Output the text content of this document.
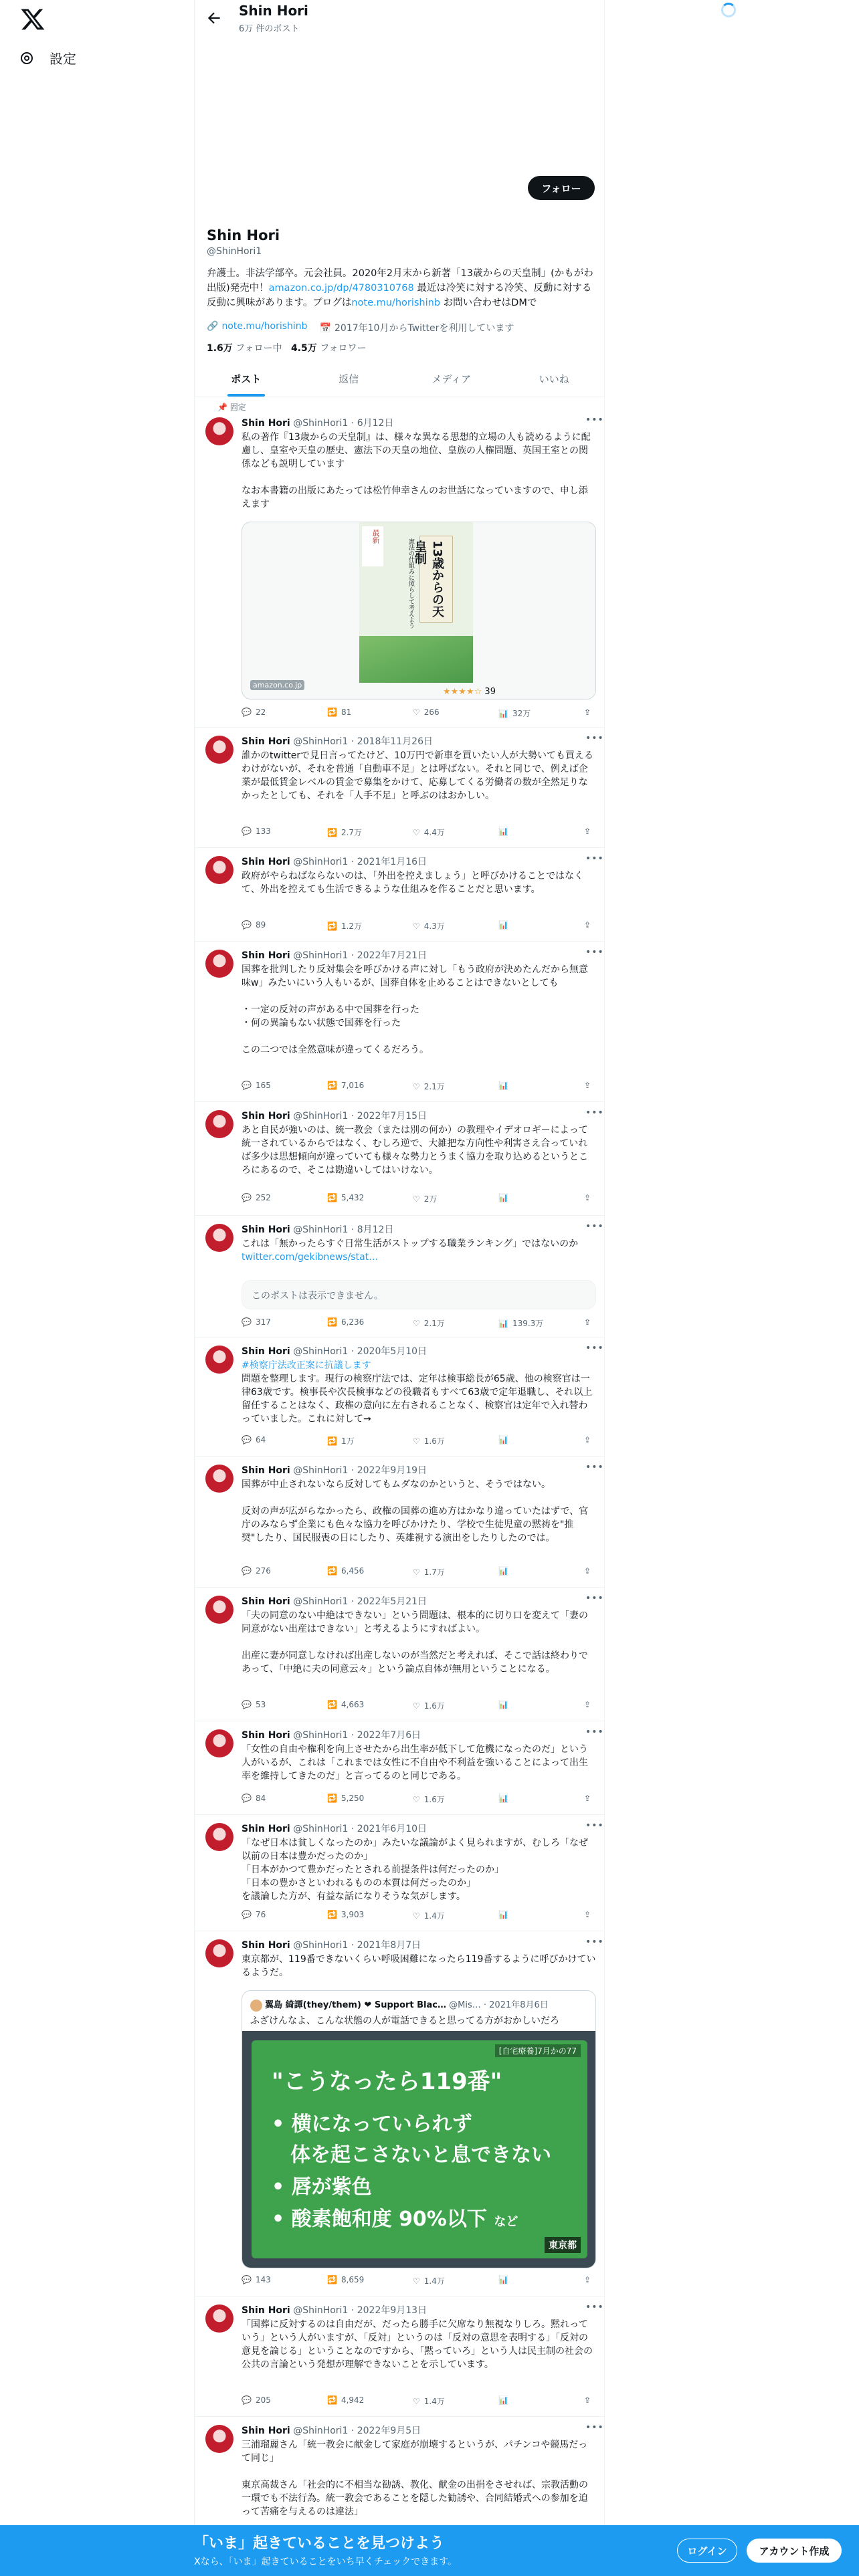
設定
Shin Hori
6万 件のポスト
フォロー
Shin Hori
@ShinHori1
弁護士。非法学部卒。元会社員。2020年2月末から新著「13歳からの天皇制」(かもがわ出版)発売中！amazon.co.jp/dp/4780310768 最近は冷笑に対する冷笑、反動に対する反動に興味があります。ブログはnote.mu/horishinb お問い合わせはDMで
🔗 note.mu/horishinb 📅 2017年10月からTwitterを利用しています
1.6万 フォロー中 4.5万 フォロワー
ポスト	返信	メディア	いいね
📌 固定
Shin Hori @ShinHori1 · 6月12日	•••
私の著作『13歳からの天皇制』は、様々な異なる思想的立場の人も読めるように配慮し、皇室や天皇の歴史、憲法下の天皇の地位、皇族の人権問題、英国王室との関係なども説明しています

なお本書籍の出版にあたっては松竹伸幸さんのお世話になっていますので、申し添えます
最新
13歳からの天皇制
憲法の仕組みに照らして考えよう
amazon.co.jp
★★★★☆ 39
💬 22	🔁 81	♡ 266	📊 32万	⇪
Shin Hori @ShinHori1 · 2018年11月26日	•••
誰かのtwitterで見日言ってたけど、10万円で新車を買いたい人が大勢いても買えるわけがないが、それを普通「自動車不足」とは呼ばない。それと同じで、例えば企業が最低賃金レベルの賃金で募集をかけて、応募してくる労働者の数が全然足りなかったとしても、それを「人手不足」と呼ぶのはおかしい。
💬 133	🔁 2.7万	♡ 4.4万	📊	⇪
Shin Hori @ShinHori1 · 2021年1月16日	•••
政府がやらねばならないのは、「外出を控えましょう」と呼びかけることではなくて、外出を控えても生活できるような仕組みを作ることだと思います。
💬 89	🔁 1.2万	♡ 4.3万	📊	⇪
Shin Hori @ShinHori1 · 2022年7月21日	•••
国葬を批判したり反対集会を呼びかける声に対し「もう政府が決めたんだから無意味w」みたいにいう人もいるが、国葬自体を止めることはできないとしても

・一定の反対の声がある中で国葬を行った
・何の異論もない状態で国葬を行った

この二つでは全然意味が違ってくるだろう。
💬 165	🔁 7,016	♡ 2.1万	📊	⇪
Shin Hori @ShinHori1 · 2022年7月15日	•••
あと自民が強いのは、統一教会（または別の何か）の教理やイデオロギーによって統一されているからではなく、むしろ逆で、大雑把な方向性や利害さえ合っていれば多少は思想傾向が違っていても様々な勢力とうまく協力を取り込めるというところにあるので、そこは勘違いしてはいけない。
💬 252	🔁 5,432	♡ 2万	📊	⇪
Shin Hori @ShinHori1 · 8月12日	•••
これは「無かったらすぐ日常生活がストップする職業ランキング」ではないのか
twitter.com/gekibnews/stat…
このポストは表示できません。
💬 317	🔁 6,236	♡ 2.1万	📊 139.3万	⇪
Shin Hori @ShinHori1 · 2020年5月10日	•••
#検察庁法改正案に抗議します
問題を整理します。現行の検察庁法では、定年は検事総長が65歳、他の検察官は一律63歳です。検事長や次長検事などの役職者もすべて63歳で定年退職し、それ以上留任することはなく、政権の意向に左右されることなく、検察官は定年で入れ替わっていました。これに対して→
💬 64	🔁 1万	♡ 1.6万	📊	⇪
Shin Hori @ShinHori1 · 2022年9月19日	•••
国葬が中止されないなら反対してもムダなのかというと、そうではない。

反対の声が広がらなかったら、政権の国葬の進め方はかなり違っていたはずで、官庁のみならず企業にも色々な協力を呼びかけたり、学校で生徒児童の黙祷を"推奨"したり、国民服喪の日にしたり、英雄視する演出をしたりしたのでは。
💬 276	🔁 6,456	♡ 1.7万	📊	⇪
Shin Hori @ShinHori1 · 2022年5月21日	•••
「夫の同意のない中絶はできない」という問題は、根本的に切り口を変えて「妻の同意がない出産はできない」と考えるようにすればよい。

出産に妻が同意しなければ出産しないのが当然だと考えれば、そこで話は終わりであって、「中絶に夫の同意云々」という論点自体が無用ということになる。
💬 53	🔁 4,663	♡ 1.6万	📊	⇪
Shin Hori @ShinHori1 · 2022年7月6日	•••
「女性の自由や権利を向上させたから出生率が低下して危機になったのだ」という人がいるが、これは「これまでは女性に不自由や不利益を強いることによって出生率を維持してきたのだ」と言ってるのと同じである。
💬 84	🔁 5,250	♡ 1.6万	📊	⇪
Shin Hori @ShinHori1 · 2021年6月10日	•••
「なぜ日本は貧しくなったのか」みたいな議論がよく見られますが、むしろ「なぜ以前の日本は豊かだったのか」
「日本がかつて豊かだったとされる前提条件は何だったのか」
「日本の豊かさといわれるものの本質は何だったのか」
を議論した方が、有益な話になりそうな気がします。
💬 76	🔁 3,903	♡ 1.4万	📊	⇪
Shin Hori @ShinHori1 · 2021年8月7日	•••
東京都が、119番できないくらい呼吸困難になったら119番するように呼びかけているようだ。
翼島 綺譚(they/them) ❤ Support Blac… @Mis… · 2021年8月6日
ふざけんなよ、こんな状態の人が電話できると思ってる方がおかしいだろ
[自宅療養]7月かの77
"こうなったら119番"
• 横になっていられず
体を起こさないと息できない
• 唇が紫色
• 酸素飽和度 90%以下 など
東京都
💬 143	🔁 8,659	♡ 1.4万	📊	⇪
Shin Hori @ShinHori1 · 2022年9月13日	•••
「国葬に反対するのは自由だが、だったら勝手に欠席なり無視なりしろ。黙れっていう」という人がいますが、「反対」というのは「反対の意思を表明する」「反対の意見を論じる」ということなのですから、「黙っていろ」という人は民主制の社会の公共の言論という発想が理解できないことを示しています。
💬 205	🔁 4,942	♡ 1.4万	📊	⇪
Shin Hori @ShinHori1 · 2022年9月5日	•••
三浦瑠麗さん「統一教会に献金して家庭が崩壊するというが、パチンコや競馬だって同じ」

東京高裁さん「社会的に不相当な勧誘、教化、献金の出捐をさせれば、宗教活動の一環でも不法行為。統一教会であることを隠した勧誘や、合同結婚式への参加を迫って苦痛を与えるのは違法」
「いま」起きていることを見つけよう
Xなら、「いま」起きていることをいち早くチェックできます。
ログイン	アカウント作成
